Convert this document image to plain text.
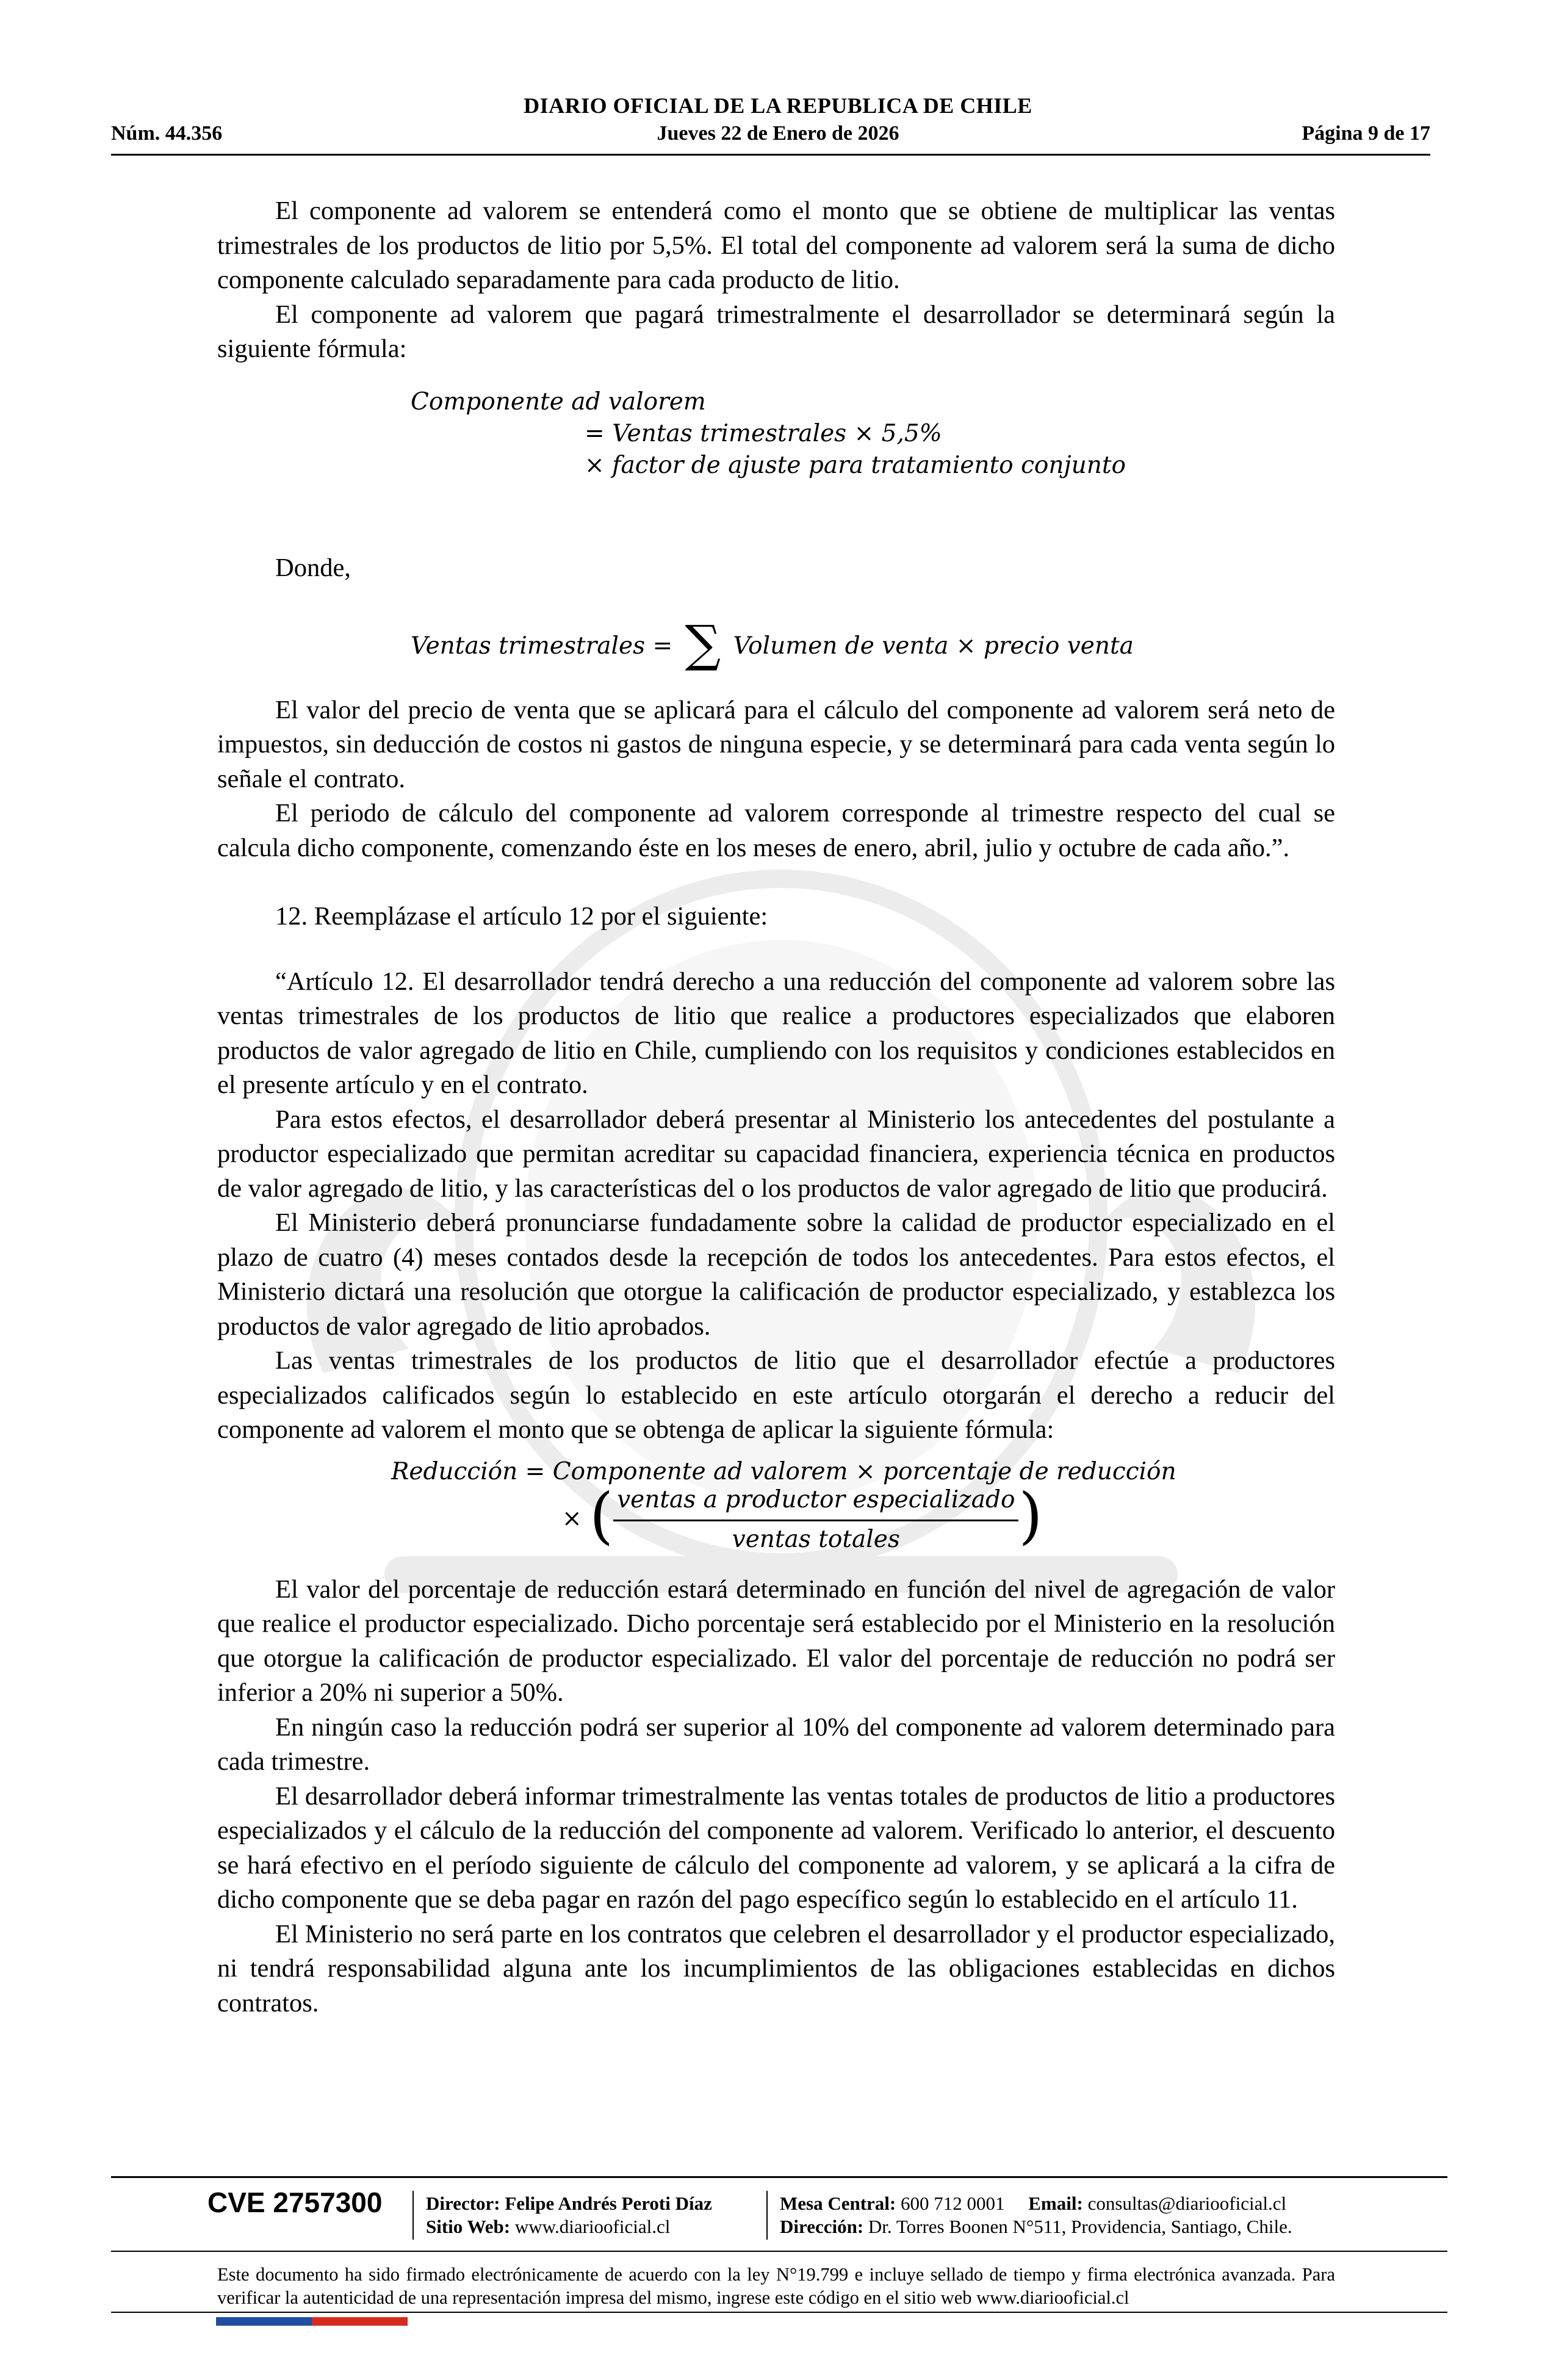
DIARIO OFICIAL DE LA REPUBLICA DE CHILE
Núm. 44.356	Jueves 22 de Enero de 2026	Página 9 de 17

El componente ad valorem se entenderá como el monto que se obtiene de multiplicar las ventas trimestrales de los productos de litio por 5,5%. El total del componente ad valorem será la suma de dicho componente calculado separadamente para cada producto de litio.

El componente ad valorem que pagará trimestralmente el desarrollador se determinará según la siguiente fórmula:

Componente ad valorem
= Ventas trimestrales × 5,5%
× factor de ajuste para tratamiento conjunto
Donde,
Ventas trimestrales = ∑ Volumen de venta × precio venta

El valor del precio de venta que se aplicará para el cálculo del componente ad valorem será neto de impuestos, sin deducción de costos ni gastos de ninguna especie, y se determinará para cada venta según lo señale el contrato.

El periodo de cálculo del componente ad valorem corresponde al trimestre respecto del cual se calcula dicho componente, comenzando éste en los meses de enero, abril, julio y octubre de cada año.”.

12. Reemplázase el artículo 12 por el siguiente:

“Artículo 12. El desarrollador tendrá derecho a una reducción del componente ad valorem sobre las ventas trimestrales de los productos de litio que realice a productores especializados que elaboren productos de valor agregado de litio en Chile, cumpliendo con los requisitos y condiciones establecidos en el presente artículo y en el contrato.

Para estos efectos, el desarrollador deberá presentar al Ministerio los antecedentes del postulante a productor especializado que permitan acreditar su capacidad financiera, experiencia técnica en productos de valor agregado de litio, y las características del o los productos de valor agregado de litio que producirá.

El Ministerio deberá pronunciarse fundadamente sobre la calidad de productor especializado en el plazo de cuatro (4) meses contados desde la recepción de todos los antecedentes. Para estos efectos, el Ministerio dictará una resolución que otorgue la calificación de productor especializado, y establezca los productos de valor agregado de litio aprobados.

Las ventas trimestrales de los productos de litio que el desarrollador efectúe a productores especializados calificados según lo establecido en este artículo otorgarán el derecho a reducir del componente ad valorem el monto que se obtenga de aplicar la siguiente fórmula:

Reducción = Componente ad valorem × porcentaje de reducción
× ( $\frac{\text{ventas a productor especializado}}{\text{ventas totales}}$ )

El valor del porcentaje de reducción estará determinado en función del nivel de agregación de valor que realice el productor especializado. Dicho porcentaje será establecido por el Ministerio en la resolución que otorgue la calificación de productor especializado. El valor del porcentaje de reducción no podrá ser inferior a 20% ni superior a 50%.

En ningún caso la reducción podrá ser superior al 10% del componente ad valorem determinado para cada trimestre.

El desarrollador deberá informar trimestralmente las ventas totales de productos de litio a productores especializados y el cálculo de la reducción del componente ad valorem. Verificado lo anterior, el descuento se hará efectivo en el período siguiente de cálculo del componente ad valorem, y se aplicará a la cifra de dicho componente que se deba pagar en razón del pago específico según lo establecido en el artículo 11.

El Ministerio no será parte en los contratos que celebren el desarrollador y el productor especializado, ni tendrá responsabilidad alguna ante los incumplimientos de las obligaciones establecidas en dichos contratos.

CVE 2757300 Director: Felipe Andrés Peroti Díaz
Sitio Web: www.diariooficial.cl
Mesa Central: 600 712 0001 Email: consultas@diariooficial.cl
Dirección: Dr. Torres Boonen N°511, Providencia, Santiago, Chile.
Este documento ha sido firmado electrónicamente de acuerdo con la ley N°19.799 e incluye sellado de tiempo y firma electrónica avanzada. Para verificar la autenticidad de una representación impresa del mismo, ingrese este código en el sitio web www.diariooficial.cl
